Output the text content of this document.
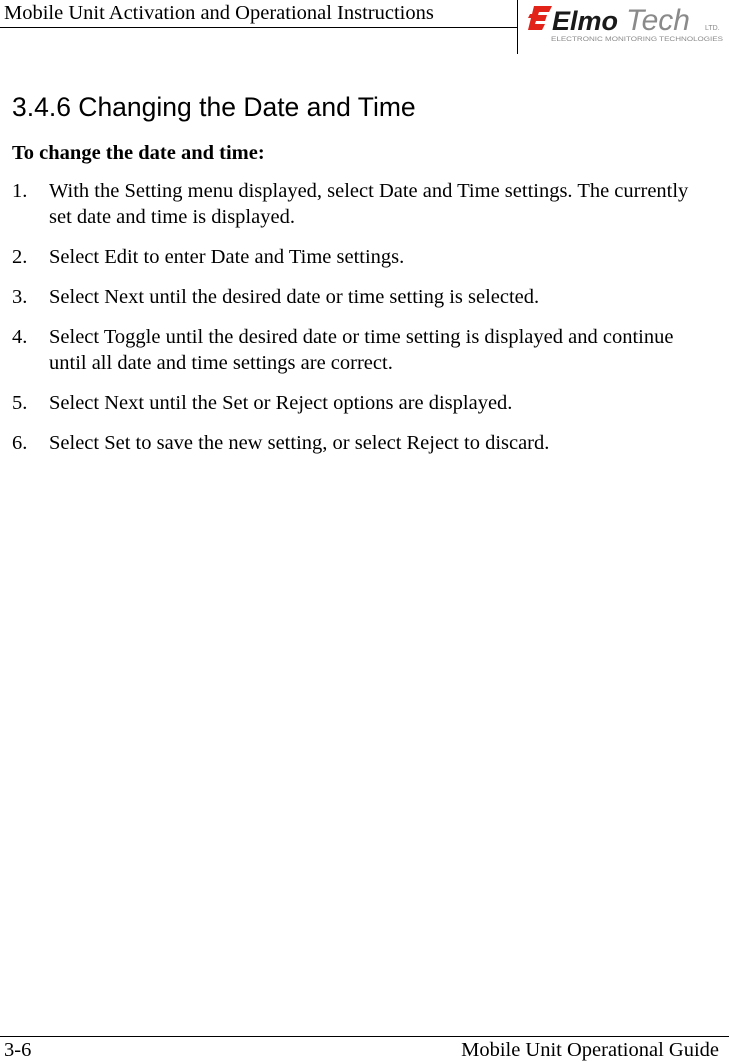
Mobile Unit Activation and Operational Instructions	Elmo Tech LTD.
ELECTRONIC MONITORING TECHNOLOGIES
3.4.6 Changing the Date and Time
To change the date and time:
1. With the Setting menu displayed, select Date and Time settings. The currently set date and time is displayed.
2. Select Edit to enter Date and Time settings.
3. Select Next until the desired date or time setting is selected.
4. Select Toggle until the desired date or time setting is displayed and continue until all date and time settings are correct.
5. Select Next until the Set or Reject options are displayed.
6. Select Set to save the new setting, or select Reject to discard.
3-6	Mobile Unit Operational Guide
